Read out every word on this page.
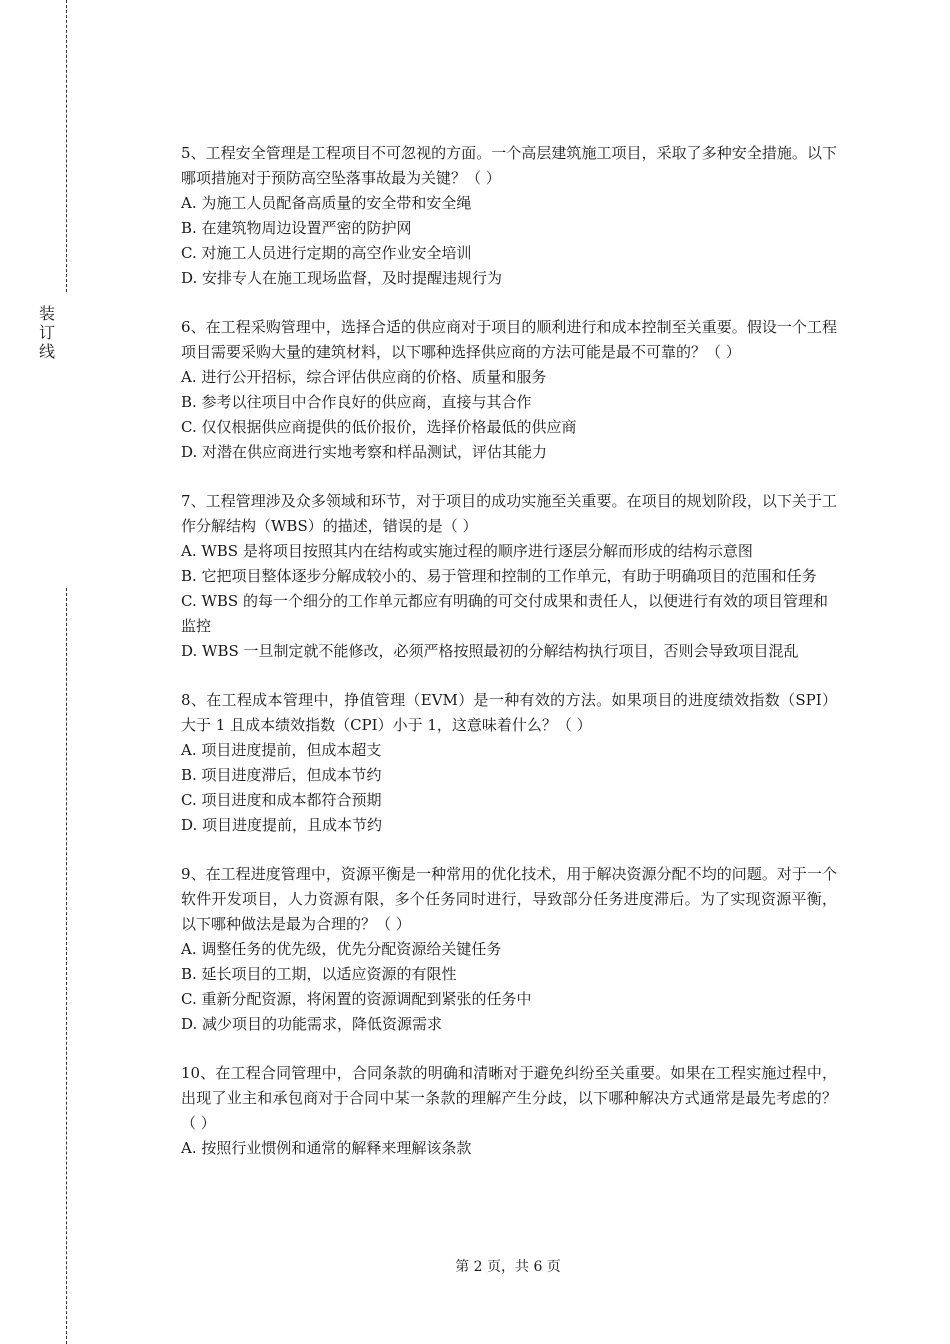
装
订
线

5、工程安全管理是工程项目不可忽视的方面。一个高层建筑施工项目，采取了多种安全措施。以下哪项措施对于预防高空坠落事故最为关键？（ ）

A. 为施工人员配备高质量的安全带和安全绳

B. 在建筑物周边设置严密的防护网

C. 对施工人员进行定期的高空作业安全培训

D. 安排专人在施工现场监督，及时提醒违规行为

6、在工程采购管理中，选择合适的供应商对于项目的顺利进行和成本控制至关重要。假设一个工程项目需要采购大量的建筑材料，以下哪种选择供应商的方法可能是最不可靠的？（ ）

A. 进行公开招标，综合评估供应商的价格、质量和服务

B. 参考以往项目中合作良好的供应商，直接与其合作

C. 仅仅根据供应商提供的低价报价，选择价格最低的供应商

D. 对潜在供应商进行实地考察和样品测试，评估其能力

7、工程管理涉及众多领域和环节，对于项目的成功实施至关重要。在项目的规划阶段，以下关于工作分解结构（WBS）的描述，错误的是（ ）

A. WBS 是将项目按照其内在结构或实施过程的顺序进行逐层分解而形成的结构示意图

B. 它把项目整体逐步分解成较小的、易于管理和控制的工作单元，有助于明确项目的范围和任务

C. WBS 的每一个细分的工作单元都应有明确的可交付成果和责任人，以便进行有效的项目管理和监控

D. WBS 一旦制定就不能修改，必须严格按照最初的分解结构执行项目，否则会导致项目混乱

8、在工程成本管理中，挣值管理（EVM）是一种有效的方法。如果项目的进度绩效指数（SPI）大于 1 且成本绩效指数（CPI）小于 1，这意味着什么？（ ）

A. 项目进度提前，但成本超支

B. 项目进度滞后，但成本节约

C. 项目进度和成本都符合预期

D. 项目进度提前，且成本节约

9、在工程进度管理中，资源平衡是一种常用的优化技术，用于解决资源分配不均的问题。对于一个软件开发项目，人力资源有限，多个任务同时进行，导致部分任务进度滞后。为了实现资源平衡，以下哪种做法是最为合理的？（ ）

A. 调整任务的优先级，优先分配资源给关键任务

B. 延长项目的工期，以适应资源的有限性

C. 重新分配资源，将闲置的资源调配到紧张的任务中

D. 减少项目的功能需求，降低资源需求

10、在工程合同管理中，合同条款的明确和清晰对于避免纠纷至关重要。如果在工程实施过程中，出现了业主和承包商对于合同中某一条款的理解产生分歧，以下哪种解决方式通常是最先考虑的？（ ）

A. 按照行业惯例和通常的解释来理解该条款

第 2 页，共 6 页
